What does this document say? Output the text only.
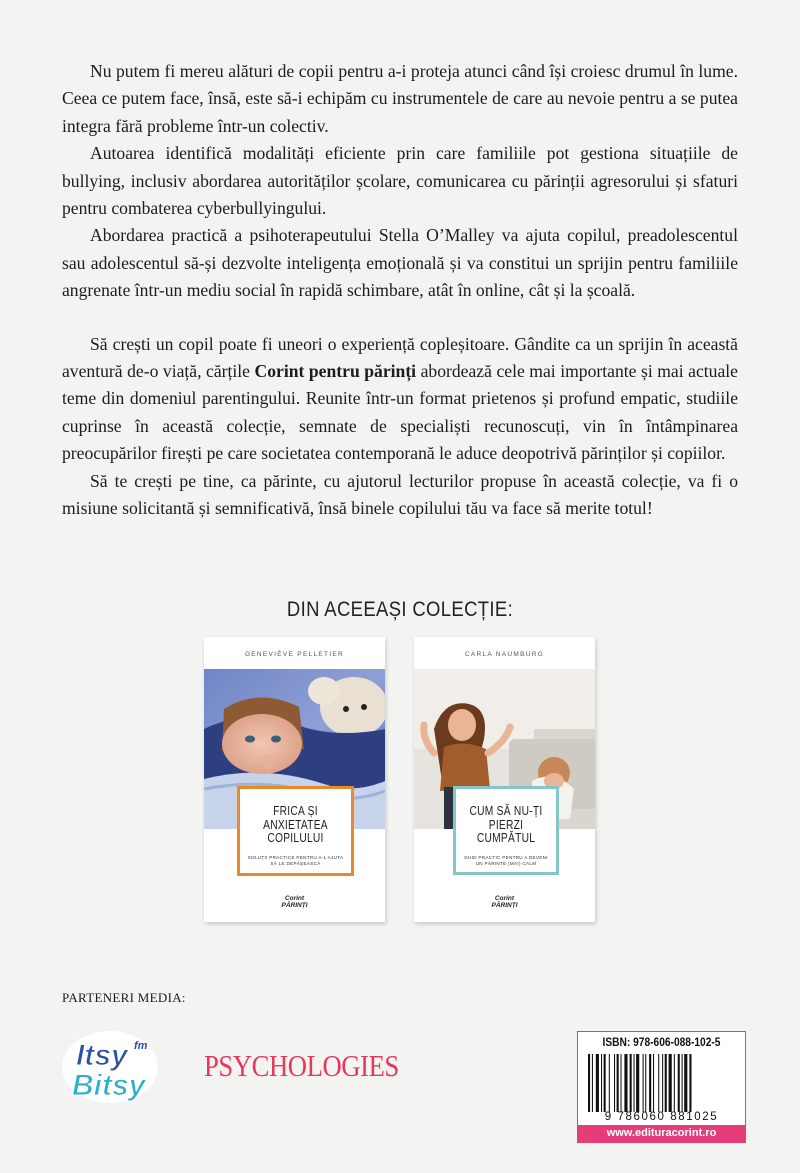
Nu putem fi mereu alături de copii pentru a-i proteja atunci când își croiesc drumul în lume. Ceea ce putem face, însă, este să-i echipăm cu instrumentele de care au nevoie pentru a se putea integra fără probleme într-un colectiv.

Autoarea identifică modalități eficiente prin care familiile pot gestiona situațiile de bullying, inclusiv abordarea autorităților școlare, comunicarea cu părinții agresorului și sfaturi pentru combaterea cyberbullyingului.

Abordarea practică a psihoterapeutului Stella O’Malley va ajuta copilul, preadolescentul sau adolescentul să-și dezvolte inteligența emoțională și va constitui un sprijin pentru familiile angrenate într-un mediu social în rapidă schimbare, atât în online, cât și la școală.

Să crești un copil poate fi uneori o experiență copleșitoare. Gândite ca un sprijin în această aventură de-o viață, cărțile Corint pentru părinți abordează cele mai importante și mai actuale teme din domeniul parentingului. Reunite într-un format prietenos și profund empatic, studiile cuprinse în această colecție, semnate de specialiști recunoscuți, vin în întâmpinarea preocupărilor firești pe care societatea contemporană le aduce deopotrivă părinților și copiilor.

Să te crești pe tine, ca părinte, cu ajutorul lecturilor propuse în această colecție, va fi o misiune solicitantă și semnificativă, însă binele copilului tău va face să merite totul!

DIN ACEEAȘI COLECȚIE:
GENEVIÈVE PELLETIER
FRICA ȘI ANXIETATEA COPILULUI
SOLUȚII PRACTICE PENTRU A-L AJUTA SĂ LE DEPĂȘEASCĂ
Corint
PĂRINȚI
CARLA NAUMBURG
CUM SĂ NU-ȚI PIERZI CUMPĂTUL
GHID PRACTIC PENTRU A DEVENI UN PĂRINTE (MAI) CALM
Corint
PĂRINȚI
PARTENERI MEDIA:
Itsy fm
Bitsy
PSYCHOLOGIES
ISBN: 978-606-088-102-5
9 786060 881025
www.edituracorint.ro
